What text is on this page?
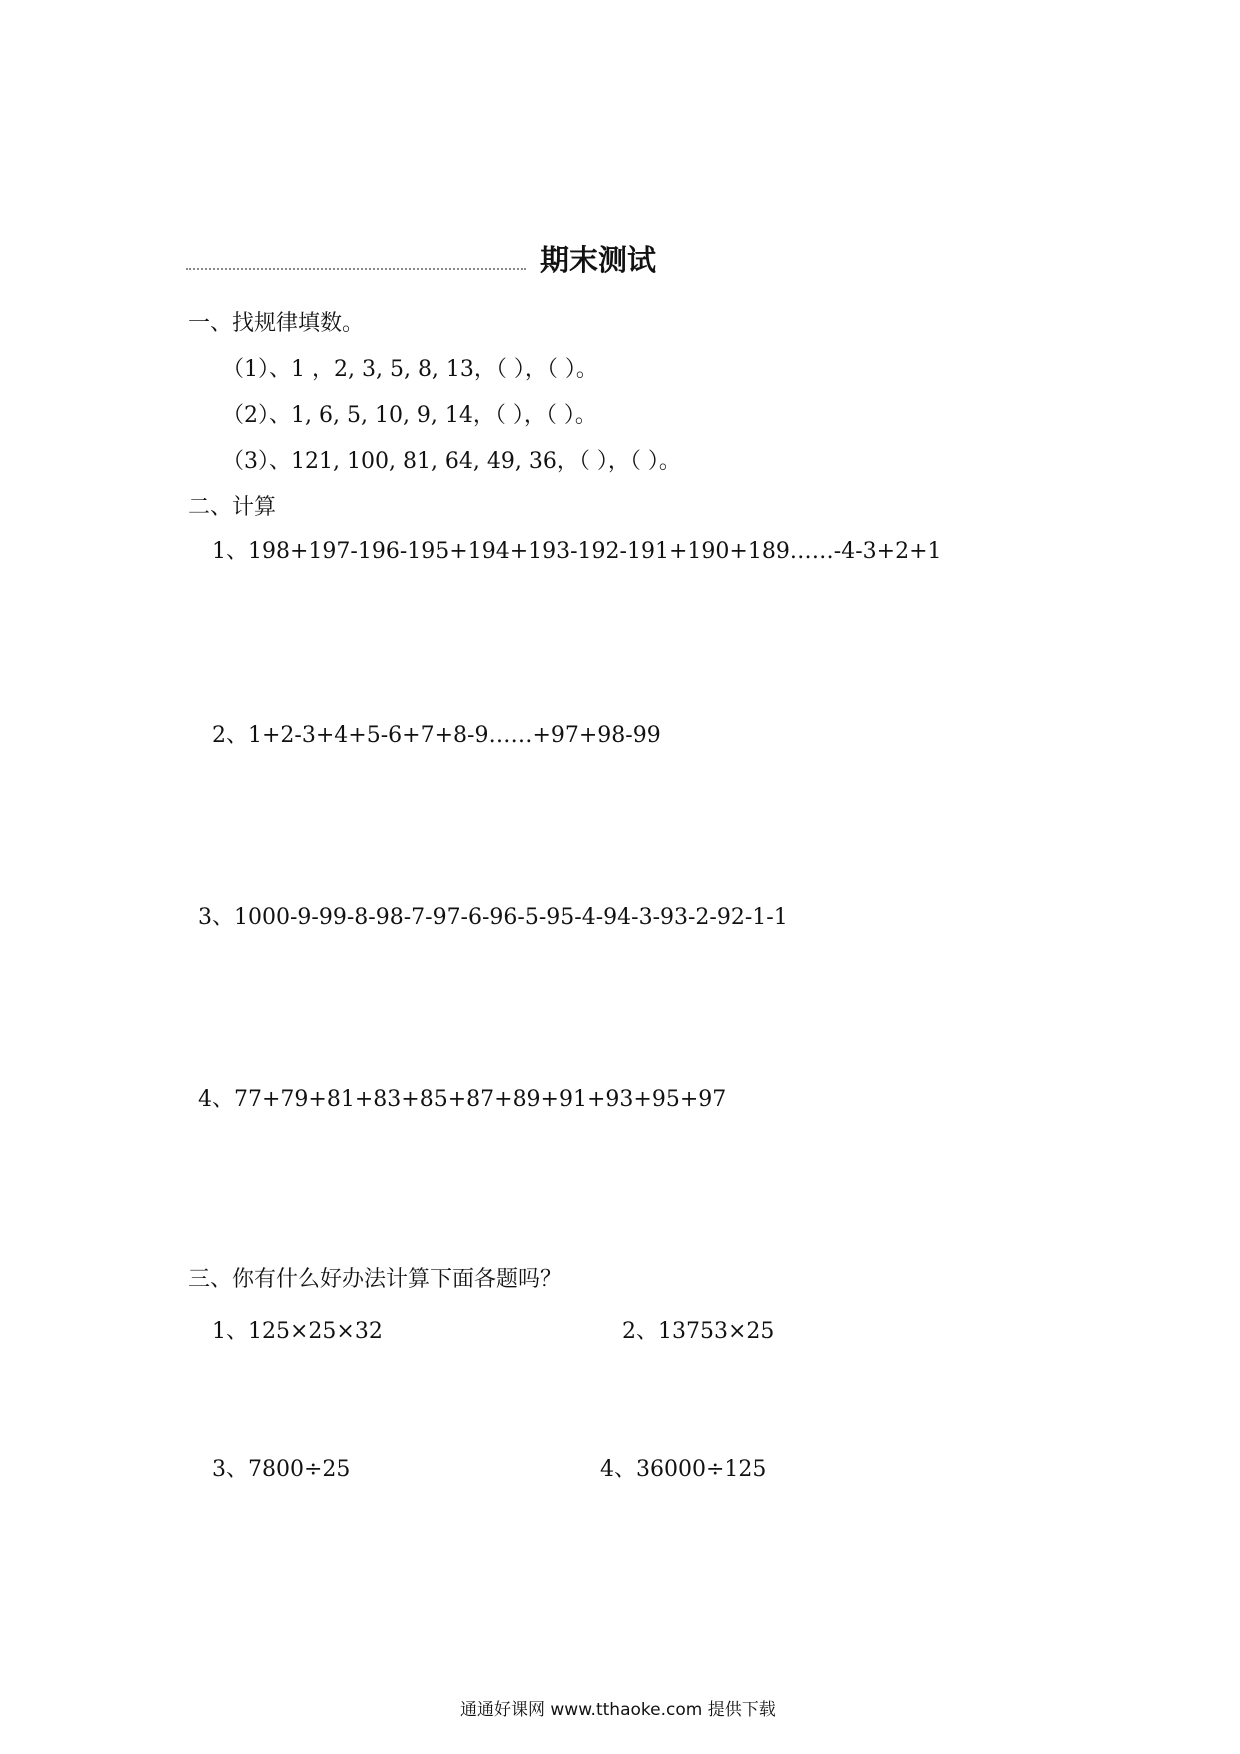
期末测试
一、找规律填数。
（1）、1 ，2, 3, 5, 8, 13，（ ），（ ）。
（2）、1, 6, 5, 10, 9, 14，（ ），（ ）。
（3）、121, 100, 81, 64, 49, 36，（ ），（ ）。
二、计算
1、198+197-196-195+194+193-192-191+190+189……-4-3+2+1
2、1+2-3+4+5-6+7+8-9……+97+98-99
3、1000-9-99-8-98-7-97-6-96-5-95-4-94-3-93-2-92-1-1
4、77+79+81+83+85+87+89+91+93+95+97
三、你有什么好办法计算下面各题吗？
1、125×25×32	2、13753×25
3、7800÷25	4、36000÷125
通通好课网 www.tthaoke.com 提供下载
